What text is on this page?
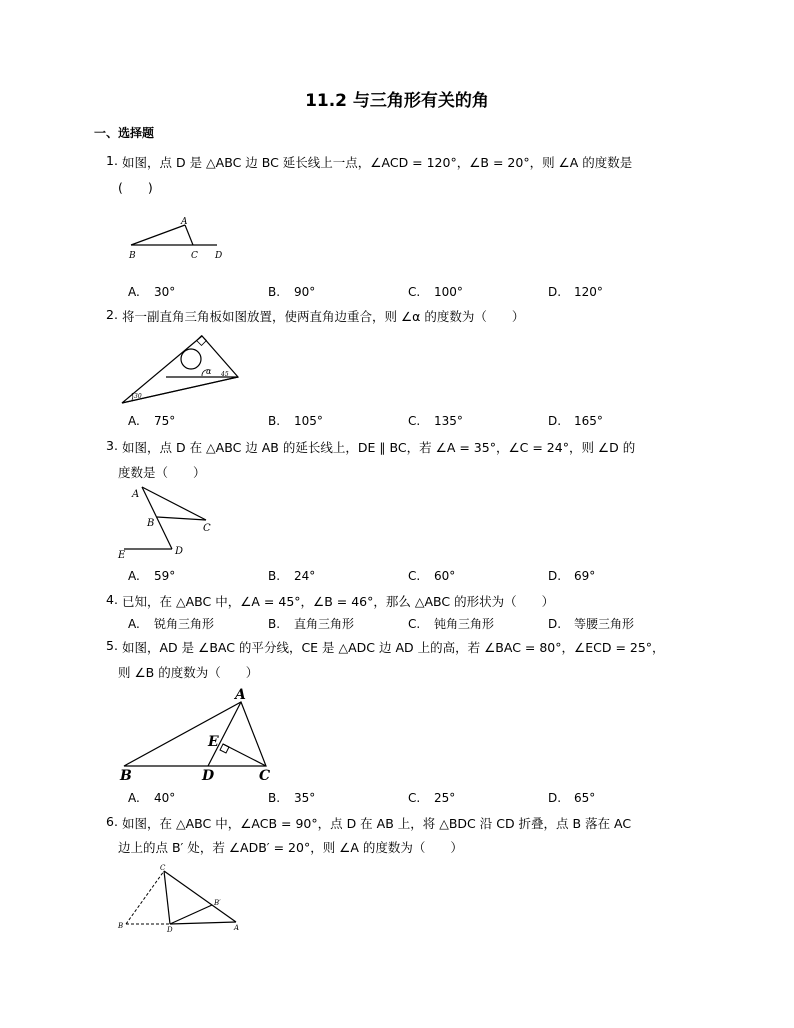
11.2 与三角形有关的角
一、选择题
1. 如图，点 D 是 △ABC 边 BC 延长线上一点，∠ACD = 120°，∠B = 20°，则 ∠A 的度数是
(　　)
A
B	C D
A. 30°	B. 90°	C. 100°	D. 120°
2. 将一副直角三角板如图放置，使两直角边重合，则 ∠α 的度数为（　　）
α 45
30
A. 75°	B. 105°	C. 135°	D. 165°
3. 如图，点 D 在 △ABC 边 AB 的延长线上，DE ∥ BC，若 ∠A = 35°，∠C = 24°，则 ∠D 的
度数是（　　）
A
B	C
E	D
A. 59°	B. 24°	C. 60°	D. 69°
4. 已知，在 △ABC 中，∠A = 45°，∠B = 46°，那么 △ABC 的形状为（　　）
A. 锐角三角形	B. 直角三角形	C. 钝角三角形	D. 等腰三角形
5. 如图，AD 是 ∠BAC 的平分线，CE 是 △ADC 边 AD 上的高，若 ∠BAC = 80°，∠ECD = 25°，
则 ∠B 的度数为（　　）
A
E
B	D	C
A. 40°	B. 35°	C. 25°	D. 65°
6. 如图，在 △ABC 中，∠ACB = 90°，点 D 在 AB 上，将 △BDC 沿 CD 折叠，点 B 落在 AC
边上的点 B′ 处，若 ∠ADB′ = 20°，则 ∠A 的度数为（　　）
C
B′
B	D	A
